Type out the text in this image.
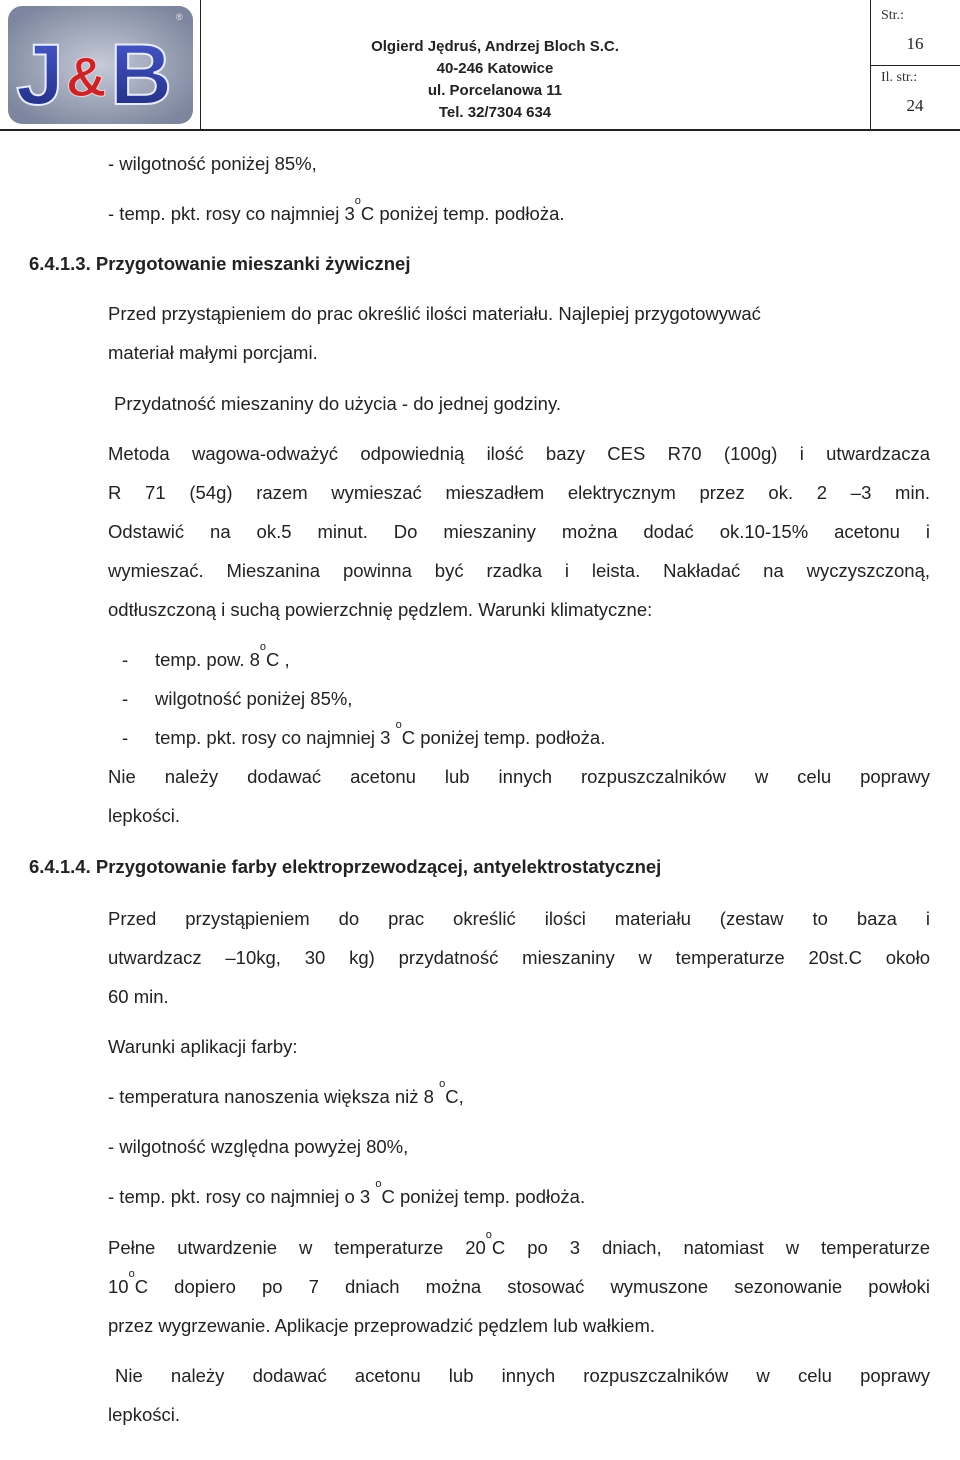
J & B
®
Olgierd Jędruś, Andrzej Bloch S.C.
40-246 Katowice
ul. Porcelanowa 11
Tel. 32/7304 634
Str.:
16
Il. str.:
24
- wilgotność poniżej 85%,
- temp. pkt. rosy co najmniej 3$^o$C poniżej temp. podłoża.
6.4.1.3. Przygotowanie mieszanki żywicznej
Przed przystąpieniem do prac określić ilości materiału. Najlepiej przygotowywać
materiał małymi porcjami.
Przydatność mieszaniny do użycia - do jednej godziny.
Metoda wagowa-odważyć odpowiednią ilość bazy CES R70 (100g) i utwardzacza
R 71 (54g) razem wymieszać mieszadłem elektrycznym przez ok. 2 –3 min.
Odstawić na ok.5 minut. Do mieszaniny można dodać ok.10-15% acetonu i
wymieszać. Mieszanina powinna być rzadka i leista. Nakładać na wyczyszczoną,
odtłuszczoną i suchą powierzchnię pędzlem. Warunki klimatyczne:
- temp. pow. 8$^o$C ,
- wilgotność poniżej 85%,
- temp. pkt. rosy co najmniej 3 $^o$C poniżej temp. podłoża.
Nie należy dodawać acetonu lub innych rozpuszczalników w celu poprawy
lepkości.
6.4.1.4. Przygotowanie farby elektroprzewodzącej, antyelektrostatycznej
Przed przystąpieniem do prac określić ilości materiału (zestaw to baza i
utwardzacz –10kg, 30 kg) przydatność mieszaniny w temperaturze 20st.C około
60 min.
Warunki aplikacji farby:
- temperatura nanoszenia większa niż 8 $^o$C,
- wilgotność względna powyżej 80%,
- temp. pkt. rosy co najmniej o 3 $^o$C poniżej temp. podłoża.
Pełne utwardzenie w temperaturze 20$^o$C po 3 dniach, natomiast w temperaturze
10$^o$C dopiero po 7 dniach można stosować wymuszone sezonowanie powłoki
przez wygrzewanie. Aplikacje przeprowadzić pędzlem lub wałkiem.
Nie należy dodawać acetonu lub innych rozpuszczalników w celu poprawy
lepkości.
